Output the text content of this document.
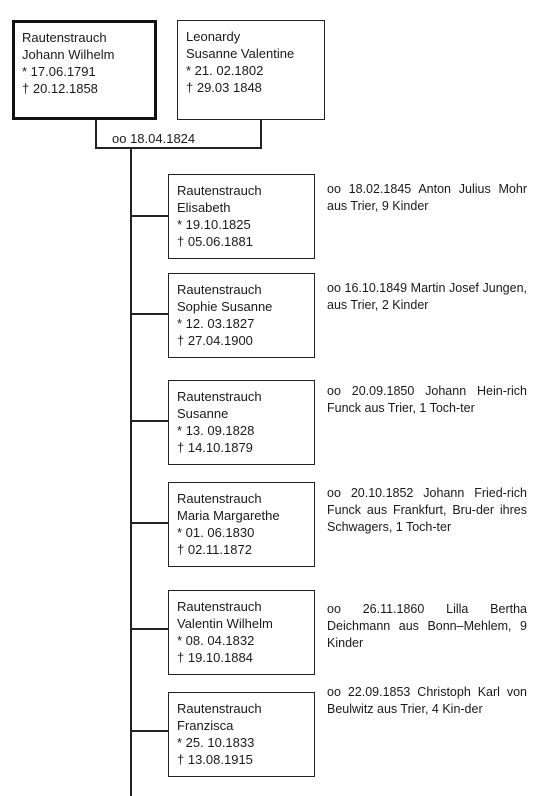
Rautenstrauch
Johann Wilhelm
* 17.06.1791
† 20.12.1858
Leonardy
Susanne Valentine
* 21. 02.1802
† 29.03 1848
oo 18.04.1824
Rautenstrauch
Elisabeth
* 19.10.1825
† 05.06.1881
oo 18.02.1845 Anton Julius Mohr aus Trier, 9 Kinder
Rautenstrauch
Sophie Susanne
* 12. 03.1827
† 27.04.1900
oo 16.10.1849 Martin Josef Jungen, aus Trier, 2 Kinder
Rautenstrauch
Susanne
* 13. 09.1828
† 14.10.1879
oo 20.09.1850 Johann Hein-rich Funck aus Trier, 1 Toch-ter
Rautenstrauch
Maria Margarethe
* 01. 06.1830
† 02.11.1872
oo 20.10.1852 Johann Fried-rich Funck aus Frankfurt, Bru-der ihres Schwagers, 1 Toch-ter
Rautenstrauch
Valentin Wilhelm
* 08. 04.1832
† 19.10.1884
oo 26.11.1860 Lilla Bertha Deichmann aus Bonn–Mehlem, 9 Kinder
Rautenstrauch
Franzisca
* 25. 10.1833
† 13.08.1915
oo 22.09.1853 Christoph Karl von Beulwitz aus Trier, 4 Kin-der
